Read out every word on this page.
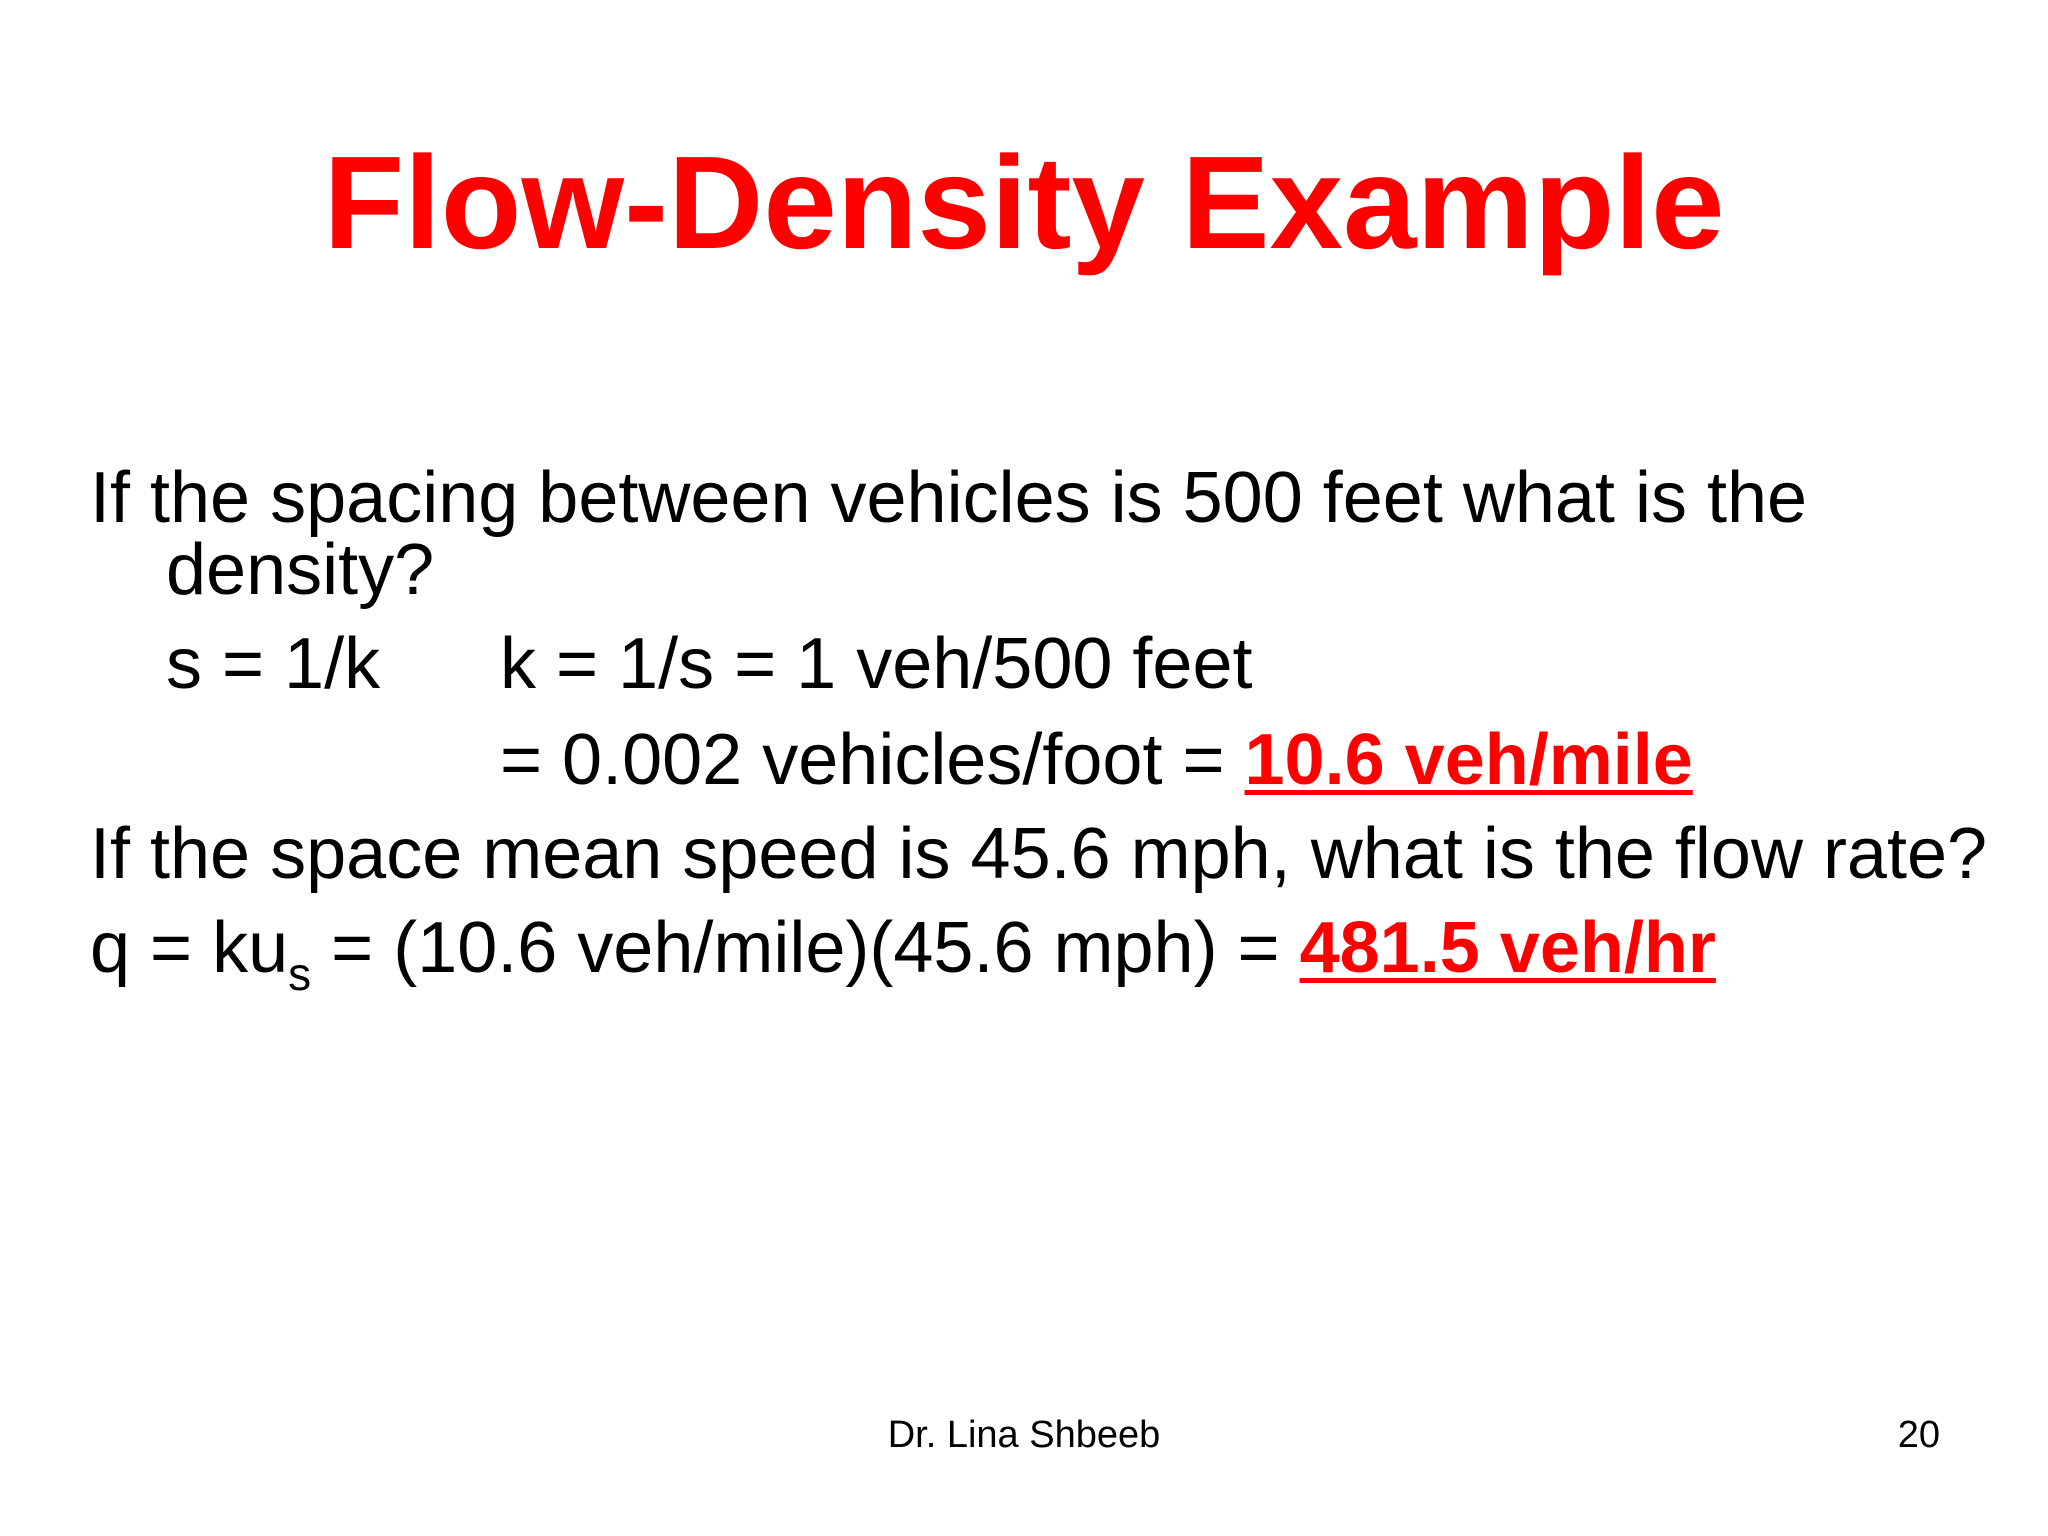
Flow-Density Example
If the spacing between vehicles is 500 feet what is the
density?
s = 1/k k = 1/s = 1 veh/500 feet
= 0.002 vehicles/foot = 10.6 veh/mile
If the space mean speed is 45.6 mph, what is the flow rate?
$q = ku_s = (10.6$ veh/mile)(45.6 mph) = 481.5 veh/hr
Dr. Lina Shbeeb	20
